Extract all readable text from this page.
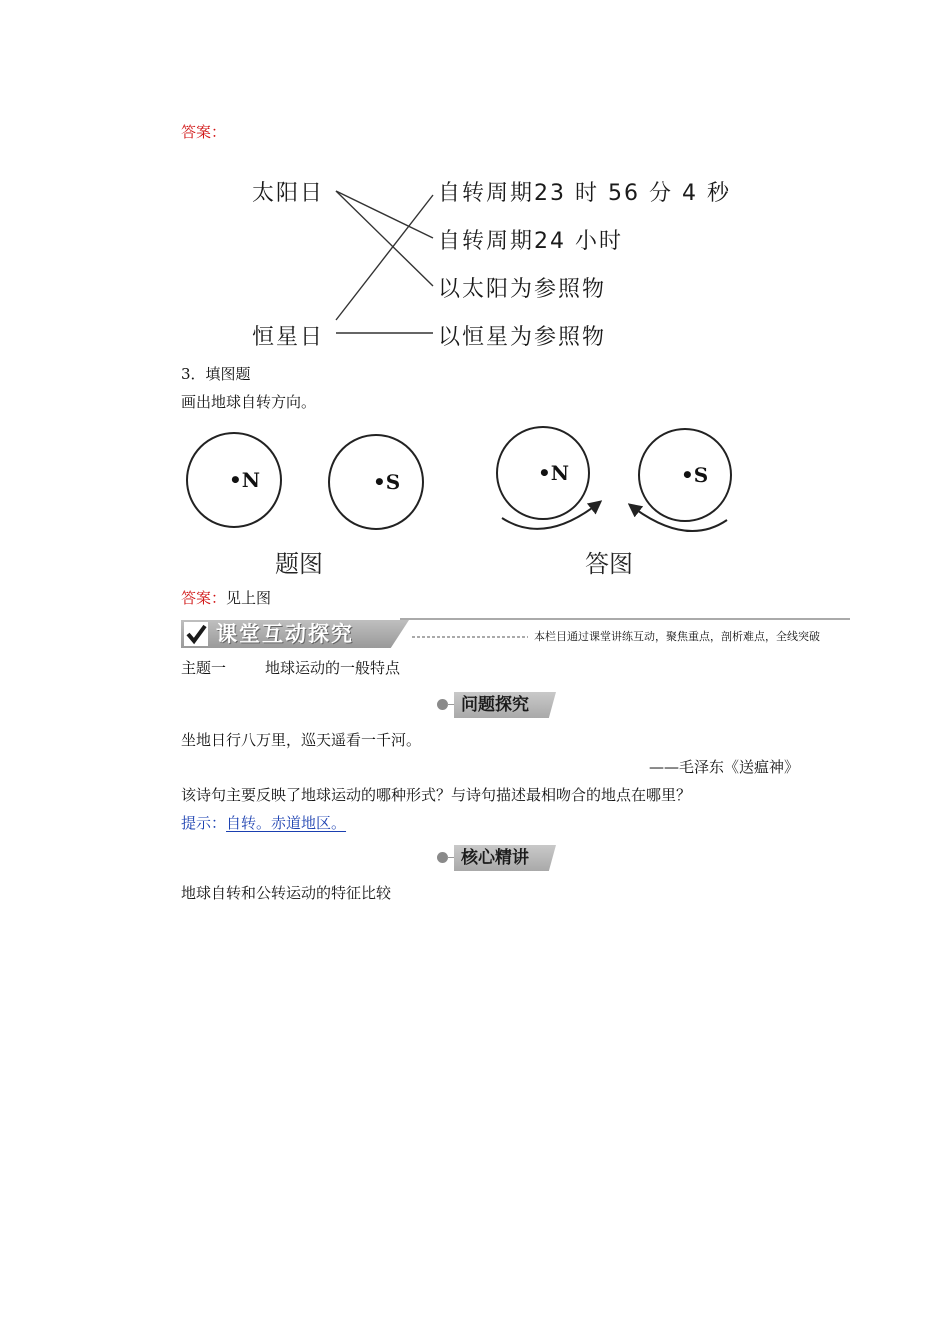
答案：
太阳日
恒星日
自转周期23 时 56 分 4 秒
自转周期24 小时
以太阳为参照物
以恒星为参照物
3．填图题
画出地球自转方向。
•N	•S	•N	•S
题图	答图
答案：见上图
课堂互动探究	本栏目通过课堂讲练互动，聚焦重点，剖析难点，全线突破
主题一	地球运动的一般特点
问题探究
坐地日行八万里，巡天遥看一千河。
——毛泽东《送瘟神》
该诗句主要反映了地球运动的哪种形式？与诗句描述最相吻合的地点在哪里？
提示：自转。赤道地区。
核心精讲
地球自转和公转运动的特征比较
